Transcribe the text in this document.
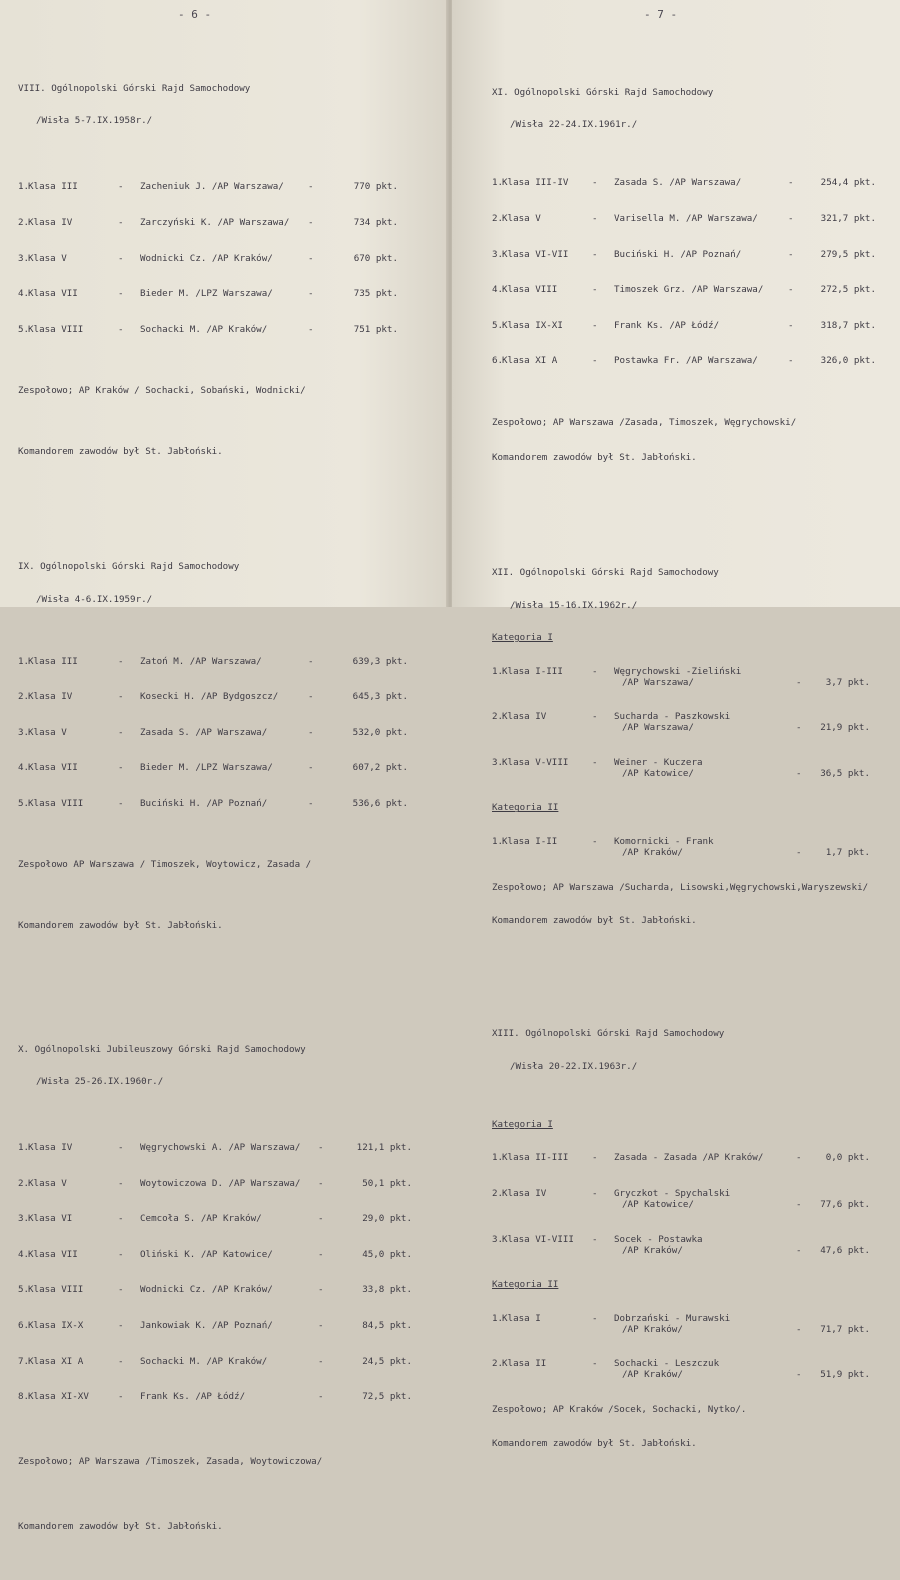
- 6 -

VIII. Ogólnopolski Górski Rajd Samochodowy

/Wisła 5-7.IX.1958r./

1.
Klasa III	- Zacheniuk J. /AP Warszawa/	-	770 pkt.

2.
Klasa IV	- Zarczyński K. /AP Warszawa/ -	734 pkt.

3.
Klasa V	- Wodnicki Cz. /AP Kraków/	-	670 pkt.

4.
Klasa VII	- Bieder M. /LPZ Warszawa/	-	735 pkt.

5.
Klasa VIII	- Sochacki M. /AP Kraków/	-	751 pkt.

Zespołowo; AP Kraków / Sochacki, Sobański, Wodnicki/

Komandorem zawodów był St. Jabłoński.

IX. Ogólnopolski Górski Rajd Samochodowy

/Wisła 4-6.IX.1959r./

1.
Klasa III	- Zatoń M. /AP Warszawa/	-	639,3 pkt.

2.
Klasa IV	- Kosecki H. /AP Bydgoszcz/	-	645,3 pkt.

3.
Klasa V	- Zasada S. /AP Warszawa/	-	532,0 pkt.

4.
Klasa VII	- Bieder M. /LPZ Warszawa/	-	607,2 pkt.

5.
Klasa VIII	- Buciński H. /AP Poznań/	-	536,6 pkt.

Zespołowo AP Warszawa / Timoszek, Woytowicz, Zasada /

Komandorem zawodów był St. Jabłoński.

X. Ogólnopolski Jubileuszowy Górski Rajd Samochodowy

/Wisła 25-26.IX.1960r./

1.
Klasa IV	- Węgrychowski A. /AP Warszawa/ -	121,1 pkt.

2.
Klasa V	- Woytowiczowa D. /AP Warszawa/ -	50,1 pkt.

3.
Klasa VI	- Cemcoła S. /AP Kraków/	-	29,0 pkt.

4.
Klasa VII	- Oliński K. /AP Katowice/	-	45,0 pkt.

5.
Klasa VIII	- Wodnicki Cz. /AP Kraków/	-	33,8 pkt.

6.
Klasa IX-X	- Jankowiak K. /AP Poznań/	-	84,5 pkt.

7.
Klasa XI A	- Sochacki M. /AP Kraków/	-	24,5 pkt.

8.
Klasa XI-XV	- Frank Ks. /AP Łódź/	-	72,5 pkt.

Zespołowo; AP Warszawa /Timoszek, Zasada, Woytowiczowa/

Komandorem zawodów był St. Jabłoński.

- 7 -

XI. Ogólnopolski Górski Rajd Samochodowy

/Wisła 22-24.IX.1961r./

1.
Klasa III-IV	- Zasada S. /AP Warszawa/	-	254,4 pkt.

2.
Klasa V	- Varisella M. /AP Warszawa/	-	321,7 pkt.

3.
Klasa VI-VII	- Buciński H. /AP Poznań/	-	279,5 pkt.

4.
Klasa VIII	- Timoszek Grz. /AP Warszawa/	-	272,5 pkt.

5.
Klasa IX-XI	- Frank Ks. /AP Łódź/	-	318,7 pkt.

6.
Klasa XI A	- Postawka Fr. /AP Warszawa/	-	326,0 pkt.

Zespołowo; AP Warszawa /Zasada, Timoszek, Węgrychowski/

Komandorem zawodów był St. Jabłoński.

XII. Ogólnopolski Górski Rajd Samochodowy

/Wisła 15-16.IX.1962r./

Kategoria I

1.
Klasa I-III	- Węgrychowski -Zieliński
/AP Warszawa/	-	3,7 pkt.

2.
Klasa IV	- Sucharda - Paszkowski
/AP Warszawa/	-	21,9 pkt.

3.
Klasa V-VIII	- Weiner - Kuczera
/AP Katowice/	-	36,5 pkt.

Kategoria II

1.
Klasa I-II	- Komornicki - Frank
/AP Kraków/	-	1,7 pkt.

Zespołowo; AP Warszawa /Sucharda, Lisowski,Węgrychowski,Waryszewski/

Komandorem zawodów był St. Jabłoński.

XIII. Ogólnopolski Górski Rajd Samochodowy

/Wisła 20-22.IX.1963r./

Kategoria I

1.
Klasa II-III	- Zasada - Zasada /AP Kraków/	-	0,0 pkt.

2.
Klasa IV	- Gryczkot - Spychalski
/AP Katowice/	-	77,6 pkt.

3.
Klasa VI-VIII - Socek - Postawka
/AP Kraków/	-	47,6 pkt.

Kategoria II

1.
Klasa I	- Dobrzański - Murawski
/AP Kraków/	-	71,7 pkt.

2.
Klasa II	- Sochacki - Leszczuk
/AP Kraków/	-	51,9 pkt.

Zespołowo; AP Kraków /Socek, Sochacki, Nytko/.

Komandorem zawodów był St. Jabłoński.
